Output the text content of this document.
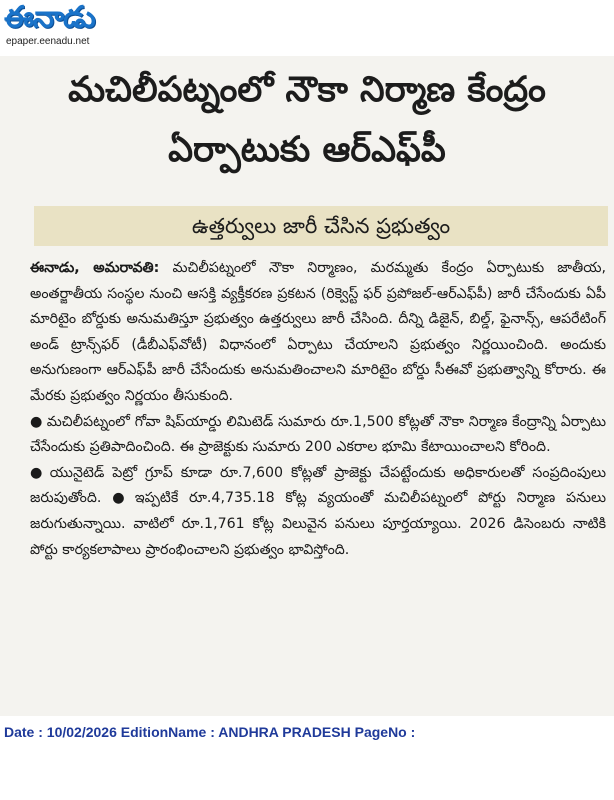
ఈనాడు
epaper.eenadu.net
మచిలీపట్నంలో నౌకా నిర్మాణ కేంద్రం ఏర్పాటుకు ఆర్‌ఎఫ్‌పీ
ఉత్తర్వులు జారీ చేసిన ప్రభుత్వం

ఈనాడు, అమరావతి: మచిలీపట్నంలో నౌకా నిర్మాణం, మరమ్మతు కేంద్రం ఏర్పాటుకు జాతీయ, అంతర్జాతీయ సంస్థల నుంచి ఆసక్తి వ్యక్తీకరణ ప్రకటన (రిక్వెస్ట్ ఫర్ ప్రపోజల్-ఆర్‌ఎఫ్‌పీ) జారీ చేసేందుకు ఏపీ మారిటైం బోర్డుకు అనుమతిస్తూ ప్రభుత్వం ఉత్తర్వులు జారీ చేసింది. దీన్ని డిజైన్, బిల్డ్, ఫైనాన్స్, ఆపరేటింగ్ అండ్ ట్రాన్స్‌ఫర్ (డీబీఎఫ్‌వోటీ) విధానంలో ఏర్పాటు చేయాలని ప్రభుత్వం నిర్ణయించింది. అందుకు అనుగుణంగా ఆర్‌ఎఫ్‌పీ జారీ చేసేందుకు అనుమతించాలని మారిటైం బోర్డు సీఈవో ప్రభుత్వాన్ని కోరారు. ఈ మేరకు ప్రభుత్వం నిర్ణయం తీసుకుంది.

● మచిలీపట్నంలో గోవా షిప్‌యార్డు లిమిటెడ్ సుమారు రూ.1,500 కోట్లతో నౌకా నిర్మాణ కేంద్రాన్ని ఏర్పాటు చేసేందుకు ప్రతిపాదించింది. ఈ ప్రాజెక్టుకు సుమారు 200 ఎకరాల భూమి కేటాయించాలని కోరింది.

● యునైటెడ్ పెట్రో గ్రూప్ కూడా రూ.7,600 కోట్లతో ప్రాజెక్టు చేపట్టేందుకు అధికారులతో సంప్రదింపులు జరుపుతోంది. ● ఇప్పటికే రూ.4,735.18 కోట్ల వ్యయంతో మచిలీపట్నంలో పోర్టు నిర్మాణ పనులు జరుగుతున్నాయి. వాటిలో రూ.1,761 కోట్ల విలువైన పనులు పూర్తయ్యాయి. 2026 డిసెంబరు నాటికి పోర్టు కార్యకలాపాలు ప్రారంభించాలని ప్రభుత్వం భావిస్తోంది.

Date : 10/02/2026 EditionName : ANDHRA PRADESH PageNo :
